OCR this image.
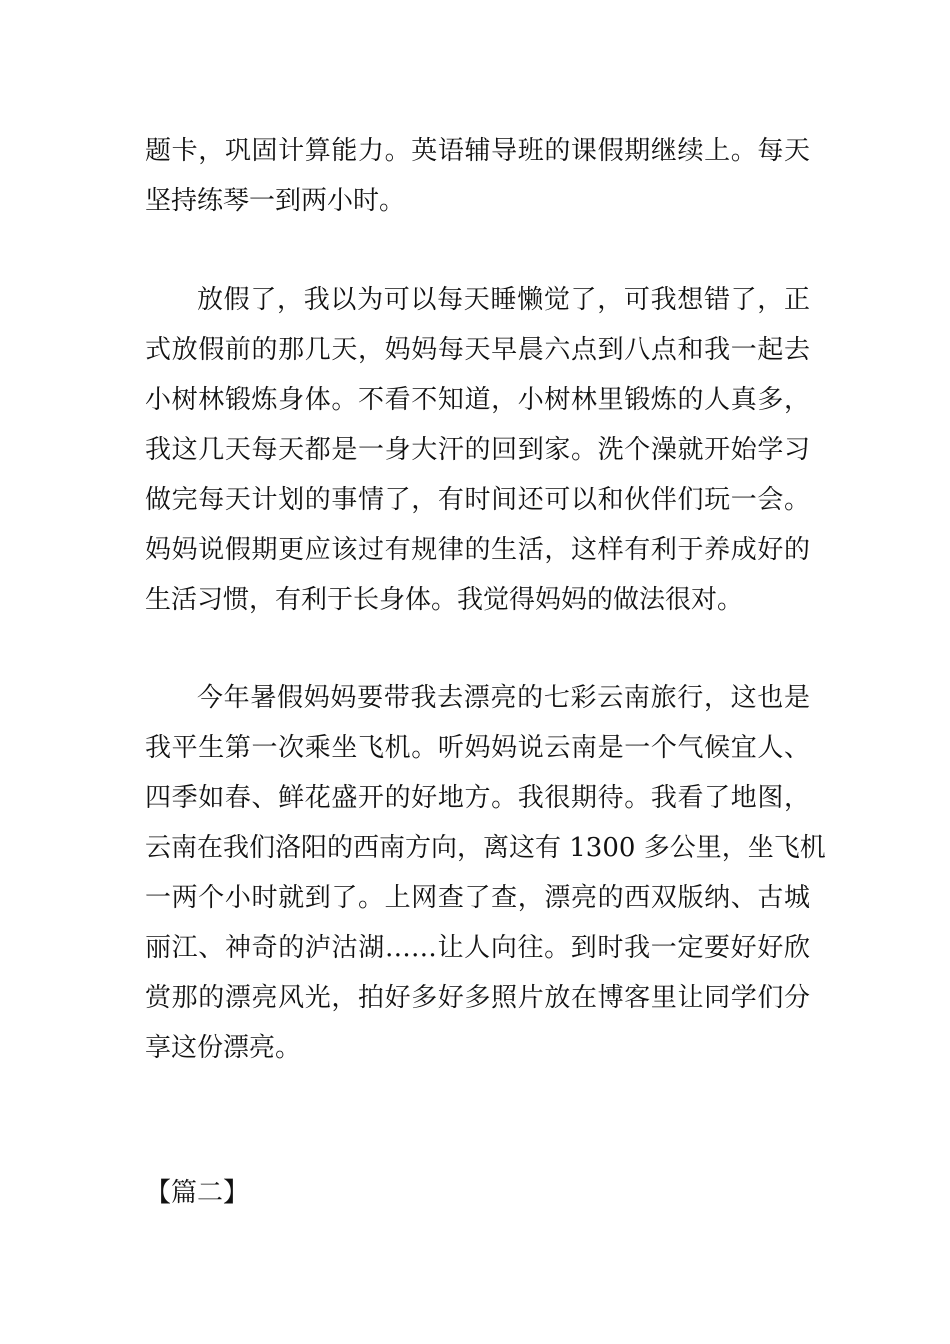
题卡，巩固计算能力。英语辅导班的课假期继续上。每天
坚持练琴一到两小时。
放假了，我以为可以每天睡懒觉了，可我想错了，正
式放假前的那几天，妈妈每天早晨六点到八点和我一起去
小树林锻炼身体。不看不知道，小树林里锻炼的人真多，
我这几天每天都是一身大汗的回到家。洗个澡就开始学习
做完每天计划的事情了，有时间还可以和伙伴们玩一会。
妈妈说假期更应该过有规律的生活，这样有利于养成好的
生活习惯，有利于长身体。我觉得妈妈的做法很对。
今年暑假妈妈要带我去漂亮的七彩云南旅行，这也是
我平生第一次乘坐飞机。听妈妈说云南是一个气候宜人、
四季如春、鲜花盛开的好地方。我很期待。我看了地图，
云南在我们洛阳的西南方向，离这有 1300 多公里，坐飞机
一两个小时就到了。上网查了查，漂亮的西双版纳、古城
丽江、神奇的泸沽湖……让人向往。到时我一定要好好欣
赏那的漂亮风光，拍好多好多照片放在博客里让同学们分
享这份漂亮。
【篇二】
